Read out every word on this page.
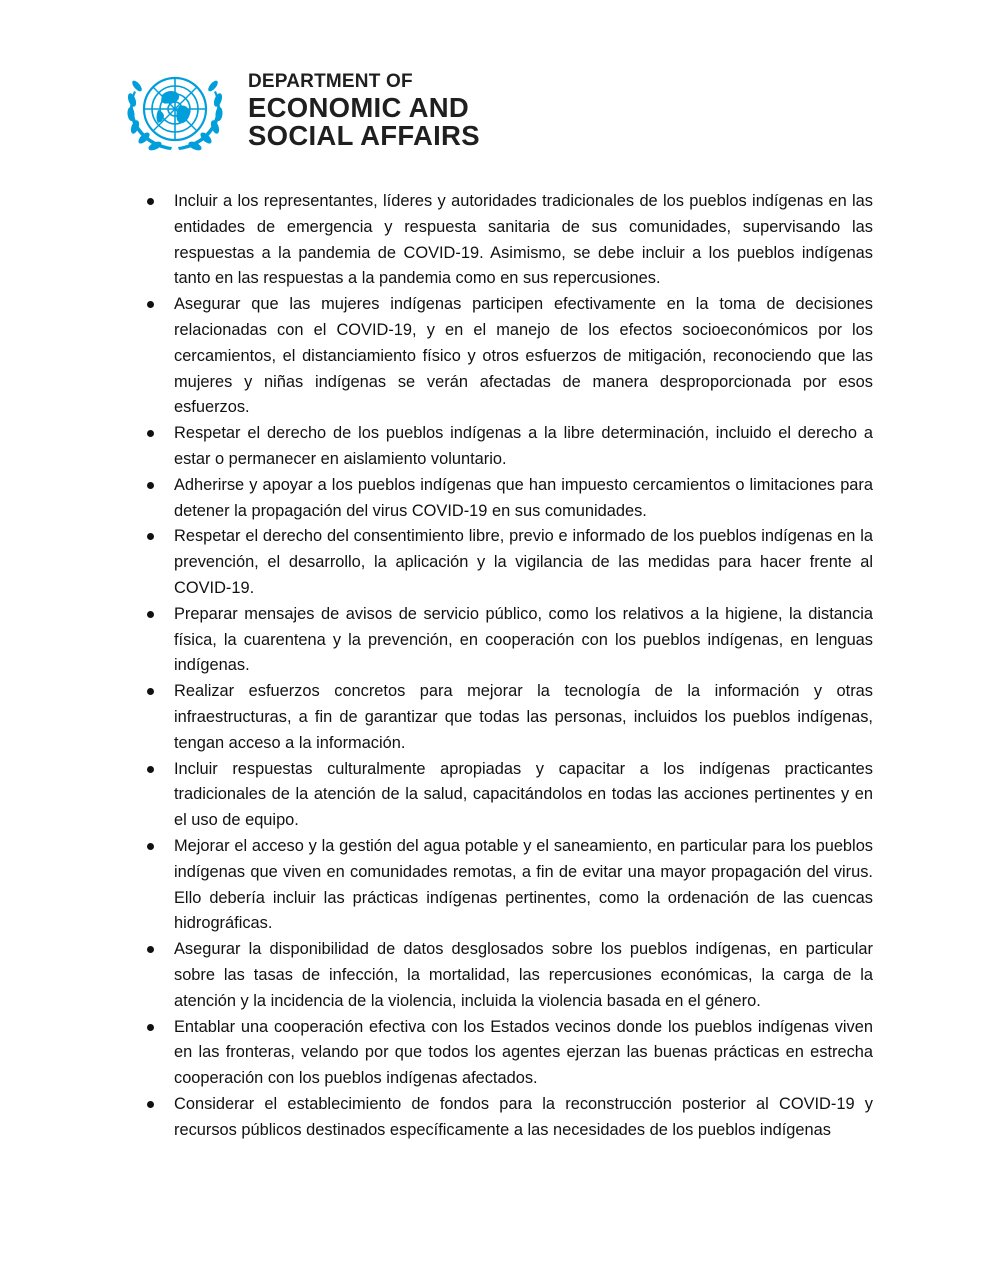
DEPARTMENT OF
ECONOMIC AND
SOCIAL AFFAIRS
Incluir a los representantes, líderes y autoridades tradicionales de los pueblos indígenas en las entidades de emergencia y respuesta sanitaria de sus comunidades, supervisando las respuestas a la pandemia de COVID-19. Asimismo, se debe incluir a los pueblos indígenas tanto en las respuestas a la pandemia como en sus repercusiones.
Asegurar que las mujeres indígenas participen efectivamente en la toma de decisiones relacionadas con el COVID-19, y en el manejo de los efectos socioeconómicos por los cercamientos, el distanciamiento físico y otros esfuerzos de mitigación, reconociendo que las mujeres y niñas indígenas se verán afectadas de manera desproporcionada por esos esfuerzos.
Respetar el derecho de los pueblos indígenas a la libre determinación, incluido el derecho a estar o permanecer en aislamiento voluntario.
Adherirse y apoyar a los pueblos indígenas que han impuesto cercamientos o limitaciones para detener la propagación del virus COVID-19 en sus comunidades.
Respetar el derecho del consentimiento libre, previo e informado de los pueblos indígenas en la prevención, el desarrollo, la aplicación y la vigilancia de las medidas para hacer frente al COVID-19.
Preparar mensajes de avisos de servicio público, como los relativos a la higiene, la distancia física, la cuarentena y la prevención, en cooperación con los pueblos indígenas, en lenguas indígenas.
Realizar esfuerzos concretos para mejorar la tecnología de la información y otras infraestructuras, a fin de garantizar que todas las personas, incluidos los pueblos indígenas, tengan acceso a la información.
Incluir respuestas culturalmente apropiadas y capacitar a los indígenas practicantes tradicionales de la atención de la salud, capacitándolos en todas las acciones pertinentes y en el uso de equipo.
Mejorar el acceso y la gestión del agua potable y el saneamiento, en particular para los pueblos indígenas que viven en comunidades remotas, a fin de evitar una mayor propagación del virus. Ello debería incluir las prácticas indígenas pertinentes, como la ordenación de las cuencas hidrográficas.
Asegurar la disponibilidad de datos desglosados sobre los pueblos indígenas, en particular sobre las tasas de infección, la mortalidad, las repercusiones económicas, la carga de la atención y la incidencia de la violencia, incluida la violencia basada en el género.
Entablar una cooperación efectiva con los Estados vecinos donde los pueblos indígenas viven en las fronteras, velando por que todos los agentes ejerzan las buenas prácticas en estrecha cooperación con los pueblos indígenas afectados.
Considerar el establecimiento de fondos para la reconstrucción posterior al COVID-19 y recursos públicos destinados específicamente a las necesidades de los pueblos indígenas
